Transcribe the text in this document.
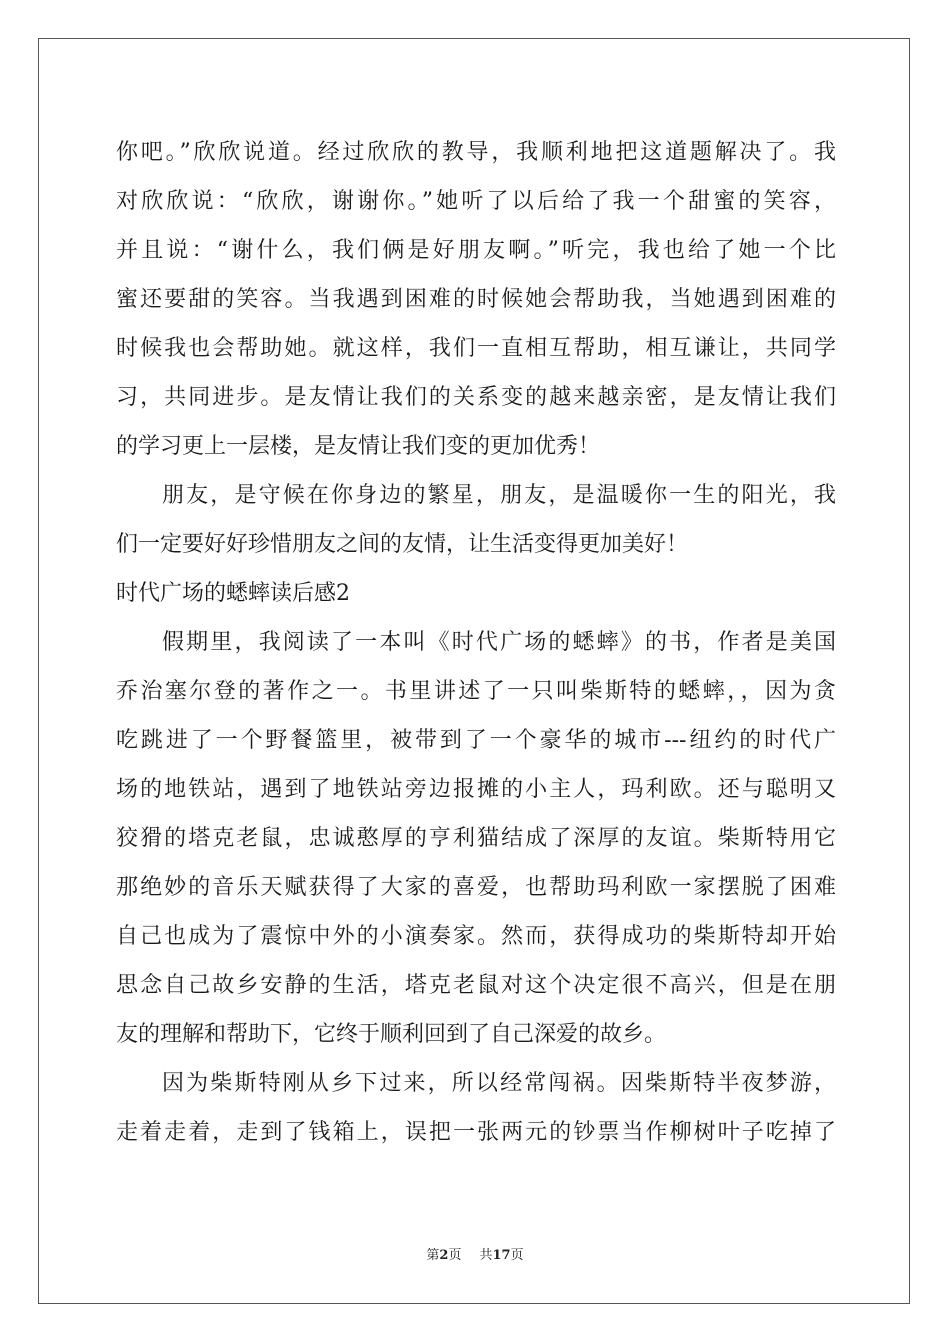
你吧。”欣欣说道。经过欣欣的教导，我顺利地把这道题解决了。我
对欣欣说：“欣欣，谢谢你。”她听了以后给了我一个甜蜜的笑容，
并且说：“谢什么，我们俩是好朋友啊。”听完，我也给了她一个比
蜜还要甜的笑容。当我遇到困难的时候她会帮助我，当她遇到困难的
时候我也会帮助她。就这样，我们一直相互帮助，相互谦让，共同学
习，共同进步。是友情让我们的关系变的越来越亲密，是友情让我们
的学习更上一层楼，是友情让我们变的更加优秀！
朋友，是守候在你身边的繁星，朋友，是温暖你一生的阳光，我
们一定要好好珍惜朋友之间的友情，让生活变得更加美好！
时代广场的蟋蟀读后感2
假期里，我阅读了一本叫《时代广场的蟋蟀》的书，作者是美国
乔治塞尔登的著作之一。书里讲述了一只叫柴斯特的蟋蟀，，因为贪
吃跳进了一个野餐篮里，被带到了一个豪华的城市---纽约的时代广
场的地铁站，遇到了地铁站旁边报摊的小主人，玛利欧。还与聪明又
狡猾的塔克老鼠，忠诚憨厚的亨利猫结成了深厚的友谊。柴斯特用它
那绝妙的音乐天赋获得了大家的喜爱，也帮助玛利欧一家摆脱了困难
自己也成为了震惊中外的小演奏家。然而，获得成功的柴斯特却开始
思念自己故乡安静的生活，塔克老鼠对这个决定很不高兴，但是在朋
友的理解和帮助下，它终于顺利回到了自己深爱的故乡。
因为柴斯特刚从乡下过来，所以经常闯祸。因柴斯特半夜梦游，
走着走着，走到了钱箱上，误把一张两元的钞票当作柳树叶子吃掉了
第2页 共17页
